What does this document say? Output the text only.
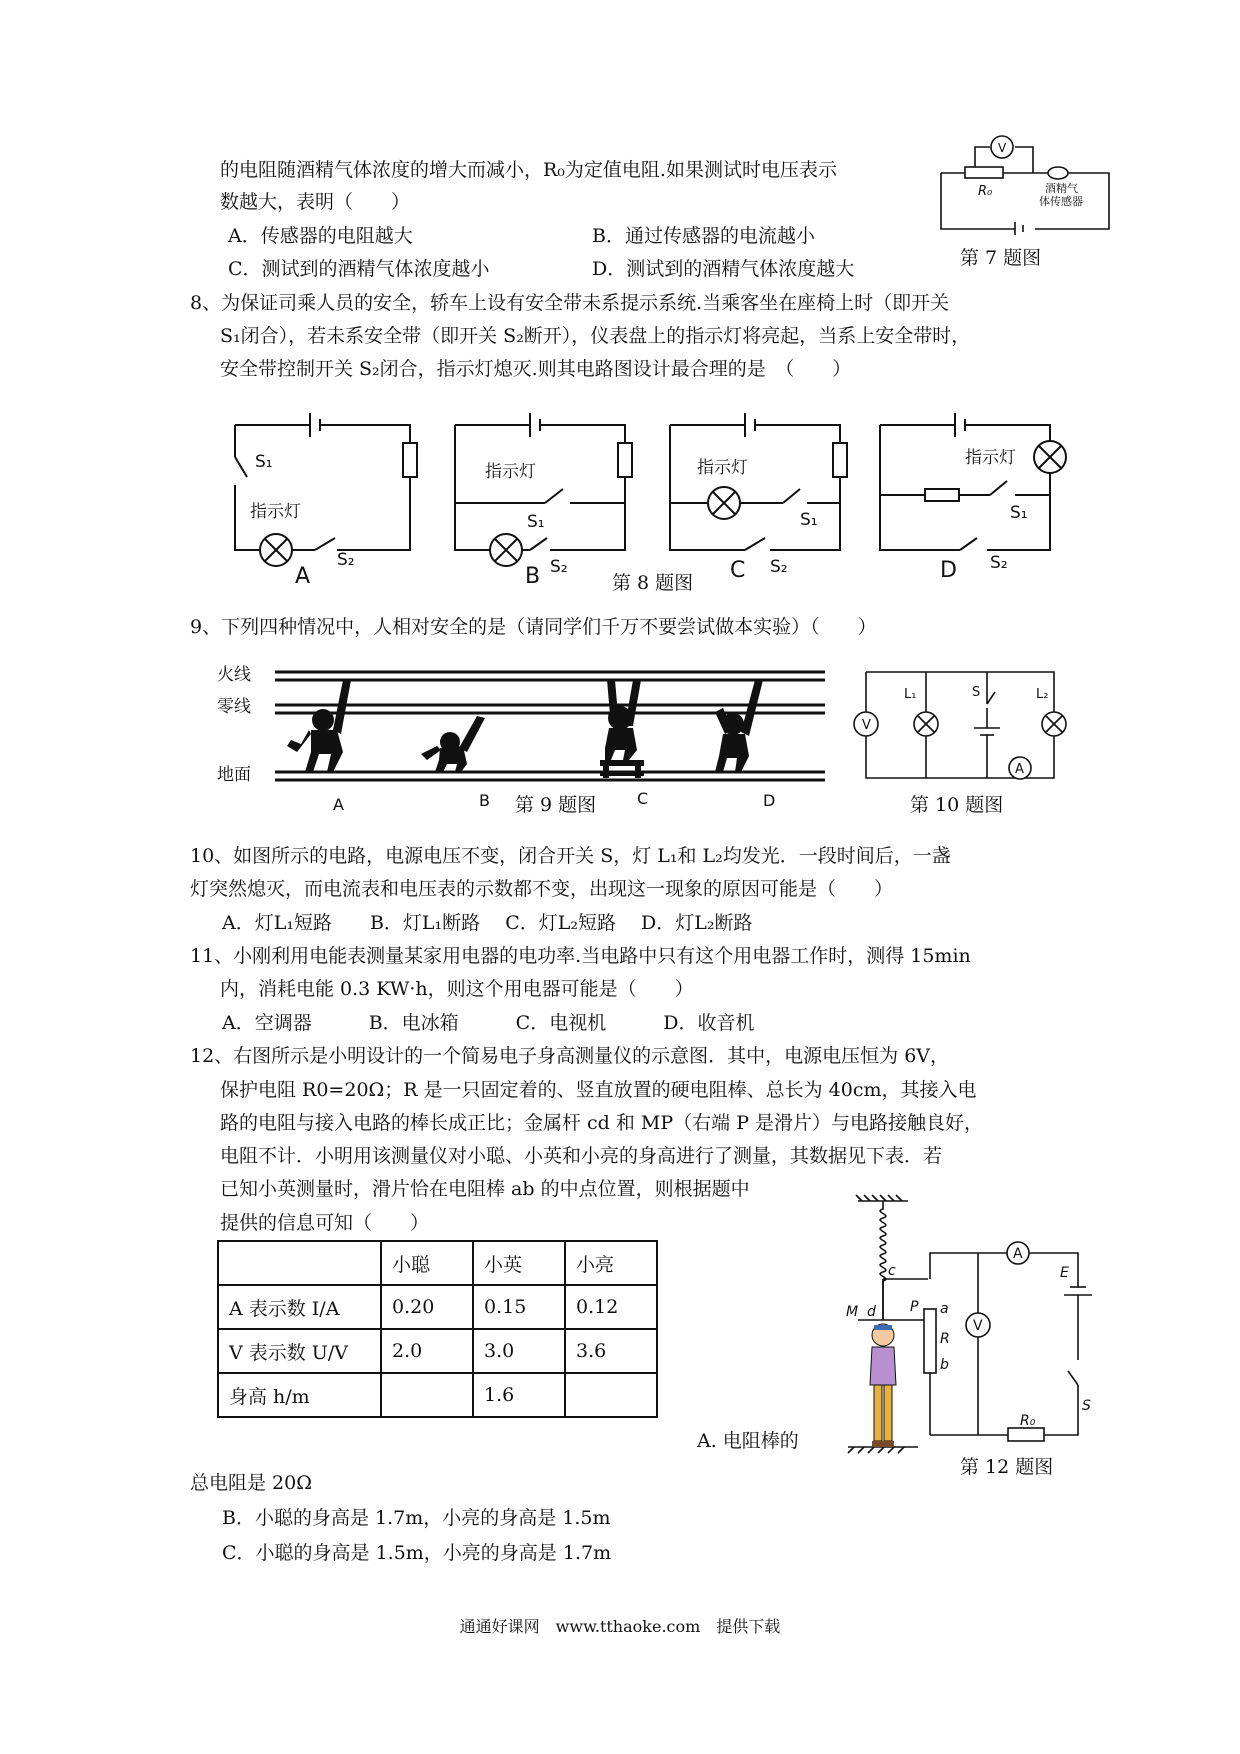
的电阻随酒精气体浓度的增大而减小，R₀为定值电阻.如果测试时电压表示
数越大，表明（　　）
A．传感器的电阻越大	B．通过传感器的电流越小
C．测试到的酒精气体浓度越小	D．测试到的酒精气体浓度越大
V
R₀	酒精气
体传感器
第 7 题图
8、为保证司乘人员的安全，轿车上设有安全带未系提示系统.当乘客坐在座椅上时（即开关
S₁闭合），若未系安全带（即开关 S₂断开），仪表盘上的指示灯将亮起，当系上安全带时，
安全带控制开关 S₂闭合，指示灯熄灭.则其电路图设计最合理的是　（　　）
S₁
指示灯
S₂
指示灯
S₁
S₂
指示灯
S₁
S₂
指示灯
S₁
S₂
A	B	C	D
第 8 题图
9、下列四种情况中，人相对安全的是（请同学们千万不要尝试做本实验）（　　）
火线
零线
地面
A	B	C	D
第 9 题图
V
L₁	S	L₂
A
第 10 题图
10、如图所示的电路，电源电压不变，闭合开关 S，灯 L₁和 L₂均发光．一段时间后，一盏
灯突然熄灭，而电流表和电压表的示数都不变，出现这一现象的原因可能是（　　）
A．灯L₁短路　　B．灯L₁断路　 C．灯L₂短路　 D．灯L₂断路
11、小刚利用电能表测量某家用电器的电功率.当电路中只有这个用电器工作时，测得 15min
内，消耗电能 0.3 KW·h，则这个用电器可能是（　　）
A．空调器　　　B．电冰箱　　　C．电视机　　　D．收音机
12、右图所示是小明设计的一个简易电子身高测量仪的示意图．其中，电源电压恒为 6V，
保护电阻 R0=20Ω；R 是一只固定着的、竖直放置的硬电阻棒、总长为 40cm，其接入电
路的电阻与接入电路的棒长成正比；金属杆 cd 和 MP（右端 P 是滑片）与电路接触良好，
电阻不计．小明用该测量仪对小聪、小英和小亮的身高进行了测量，其数据见下表．若
已知小英测量时，滑片恰在电阻棒 ab 的中点位置，则根据题中
提供的信息可知（　　）
	小聪	小英	小亮
A 表示数 I/A	0.20	0.15	0.12
V 表示数 U/V	2.0	3.0	3.6
身高 h/m		1.6	
A
E
c
M d P a
R
b
V
R₀
S
A. 电阻棒的
第 12 题图
总电阻是 20Ω
B．小聪的身高是 1.7m，小亮的身高是 1.5m
C．小聪的身高是 1.5m，小亮的身高是 1.7m
通通好课网　www.tthaoke.com　提供下载
